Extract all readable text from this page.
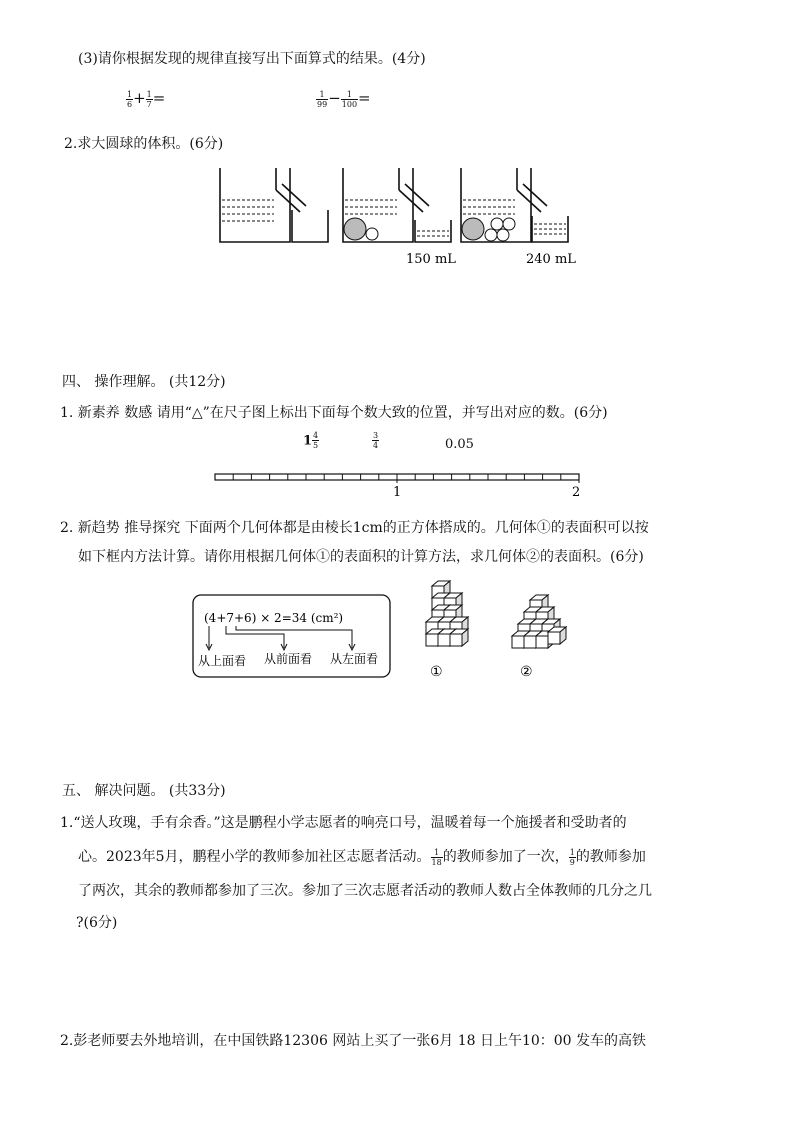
(3)请你根据发现的规律直接写出下面算式的结果。(4分)
$\frac{1}{6} + \frac{1}{7}$ =	$\frac{1}{99} - \frac{1}{100}$ =
2.求大圆球的体积。(6分)
150 mL	240 mL
四、 操作理解。 (共12分)
1. 新素养 数感 请用“△”在尺子图上标出下面每个数大致的位置，并写出对应的数。(6分)
$1 \frac{4}{5}$	$\frac{3}{4}$	0.05
1	2
2. 新趋势 推导探究 下面两个几何体都是由棱长1cm的正方体搭成的。几何体①的表面积可以按
如下框内方法计算。请你用根据几何体①的表面积的计算方法，求几何体②的表面积。(6分)
(4+7+6) × 2=34 (cm²)
从上面看 从前面看 从左面看
①	②
五、 解决问题。 (共33分)
1.“送人玫瑰，手有余香。”这是鹏程小学志愿者的响亮口号，温暖着每一个施援者和受助者的
心。2023年5月，鹏程小学的教师参加社区志愿者活动。 $\frac{1}{18}$ 的教师参加了一次， $\frac{1}{9}$ 的教师参加
了两次，其余的教师都参加了三次。参加了三次志愿者活动的教师人数占全体教师的几分之几
?(6分)
2.彭老师要去外地培训，在中国铁路12306 网站上买了一张6月 18 日上午10：00 发车的高铁
